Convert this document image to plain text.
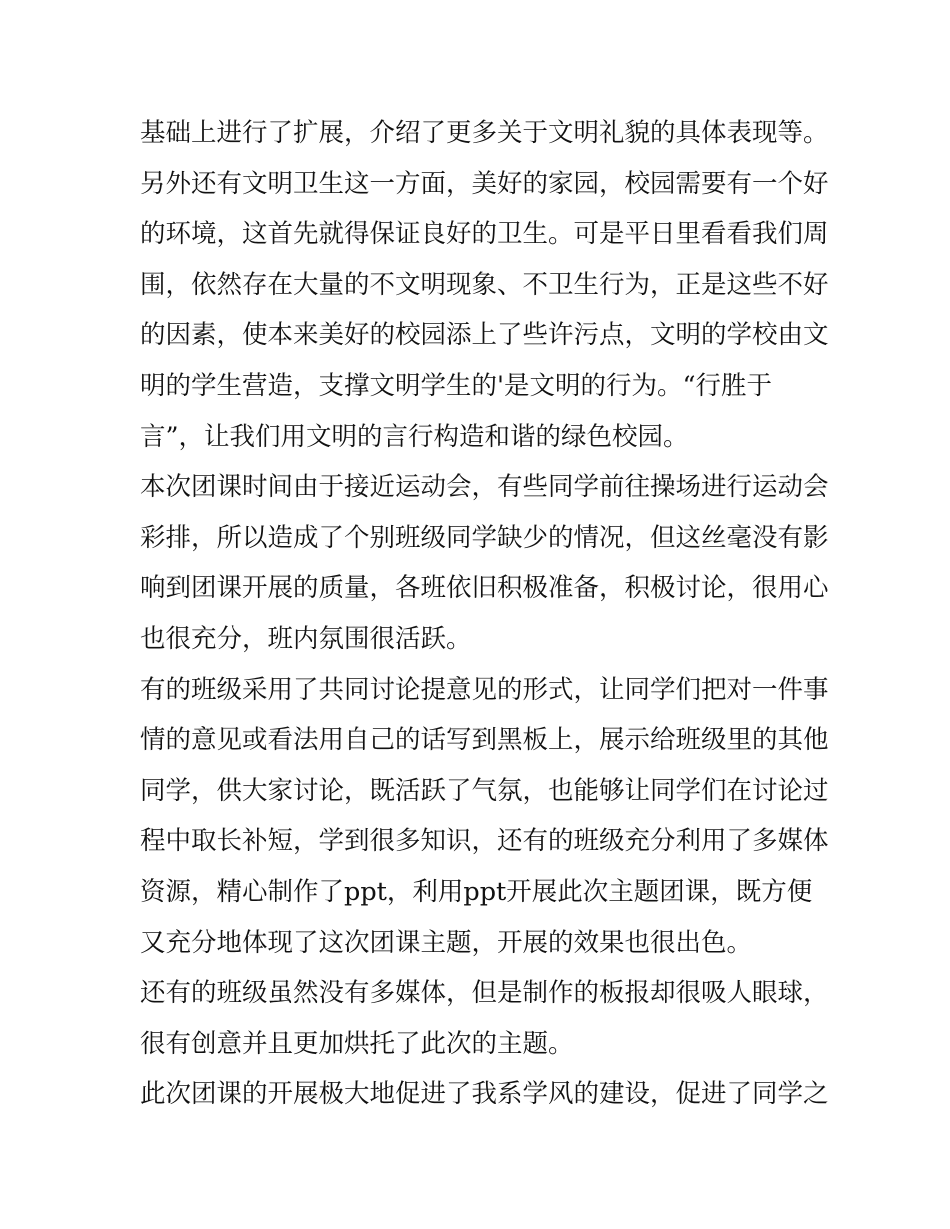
基础上进行了扩展，介绍了更多关于文明礼貌的具体表现等。
另外还有文明卫生这一方面，美好的家园，校园需要有一个好
的环境，这首先就得保证良好的卫生。可是平日里看看我们周
围，依然存在大量的不文明现象、不卫生行为，正是这些不好
的因素，使本来美好的校园添上了些许污点，文明的学校由文
明的学生营造，支撑文明学生的'是文明的行为。“行胜于
言”，让我们用文明的言行构造和谐的绿色校园。
本次团课时间由于接近运动会，有些同学前往操场进行运动会
彩排，所以造成了个别班级同学缺少的情况，但这丝毫没有影
响到团课开展的质量，各班依旧积极准备，积极讨论，很用心
也很充分，班内氛围很活跃。
有的班级采用了共同讨论提意见的形式，让同学们把对一件事
情的意见或看法用自己的话写到黑板上，展示给班级里的其他
同学，供大家讨论，既活跃了气氛，也能够让同学们在讨论过
程中取长补短，学到很多知识，还有的班级充分利用了多媒体
资源，精心制作了ppt，利用ppt开展此次主题团课，既方便
又充分地体现了这次团课主题，开展的效果也很出色。
还有的班级虽然没有多媒体，但是制作的板报却很吸人眼球，
很有创意并且更加烘托了此次的主题。
此次团课的开展极大地促进了我系学风的建设，促进了同学之
